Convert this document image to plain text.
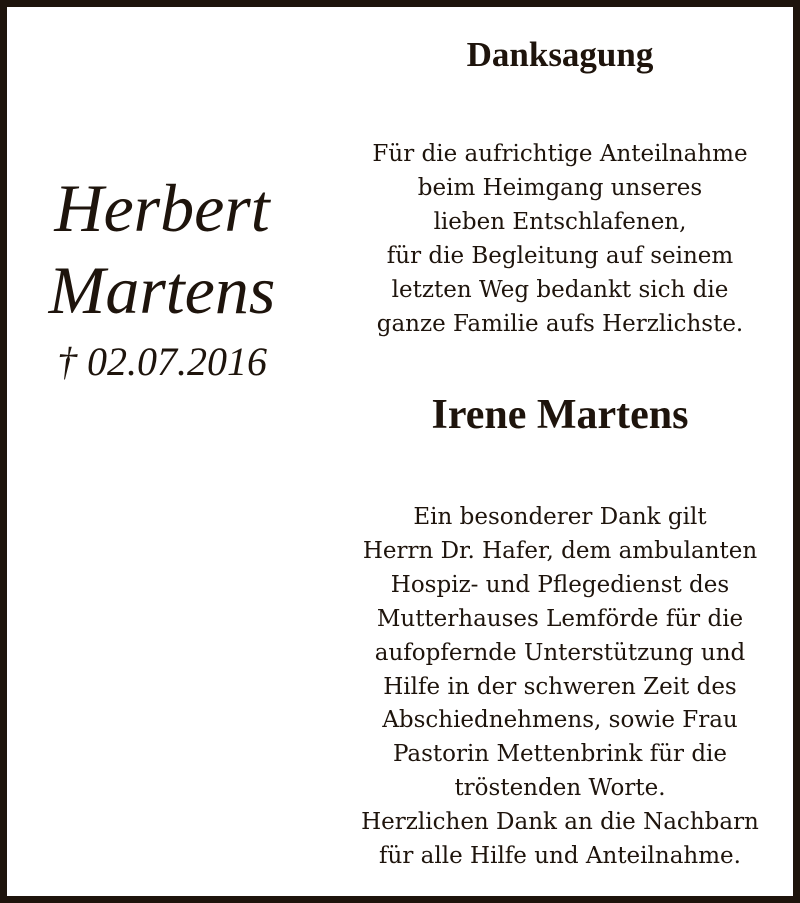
Herbert
Martens
† 02.07.2016
Danksagung
Für die aufrichtige Anteilnahme
beim Heimgang unseres
lieben Entschlafenen,
für die Begleitung auf seinem
letzten Weg bedankt sich die
ganze Familie aufs Herzlichste.
Irene Martens
Ein besonderer Dank gilt
Herrn Dr. Hafer, dem ambulanten
Hospiz- und Pflegedienst des
Mutterhauses Lemförde für die
aufopfernde Unterstützung und
Hilfe in der schweren Zeit des
Abschiednehmens, sowie Frau
Pastorin Mettenbrink für die
tröstenden Worte.
Herzlichen Dank an die Nachbarn
für alle Hilfe und Anteilnahme.
